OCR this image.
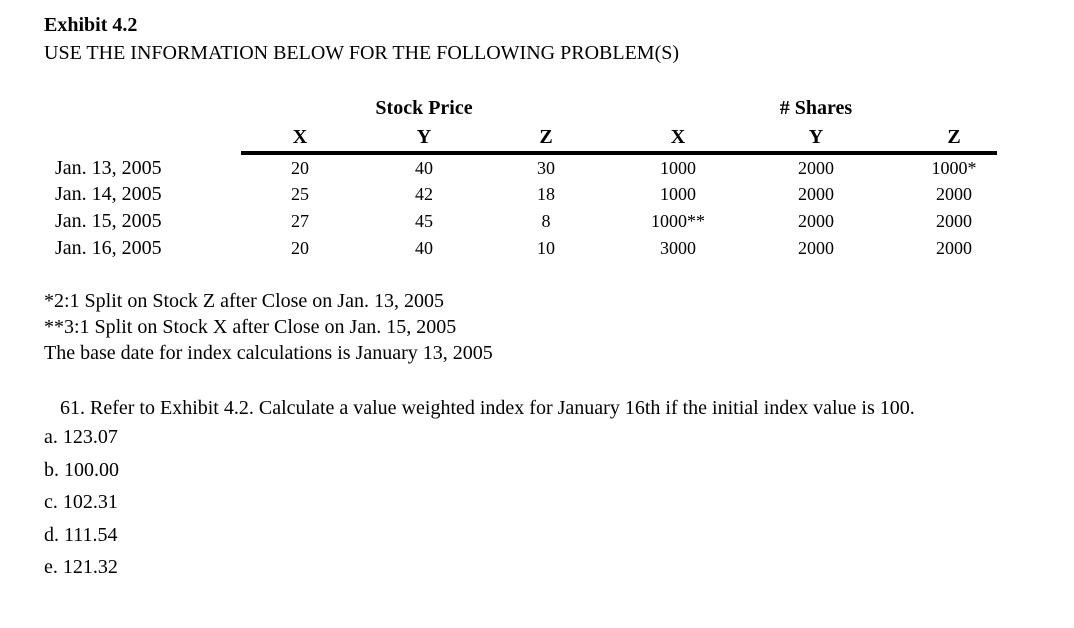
Exhibit 4.2
USE THE INFORMATION BELOW FOR THE FOLLOWING PROBLEM(S)
Stock Price	# Shares
X	Y	Z	X	Y	Z
Jan. 13, 2005	20	40	30	1000	2000	1000*
Jan. 14, 2005	25	42	18	1000	2000	2000
Jan. 15, 2005	27	45	8	1000**	2000	2000
Jan. 16, 2005	20	40	10	3000	2000	2000
*2:1 Split on Stock Z after Close on Jan. 13, 2005
**3:1 Split on Stock X after Close on Jan. 15, 2005
The base date for index calculations is January 13, 2005
61. Refer to Exhibit 4.2. Calculate a value weighted index for January 16th if the initial index value is 100.
a. 123.07
b. 100.00
c. 102.31
d. 111.54
e. 121.32
